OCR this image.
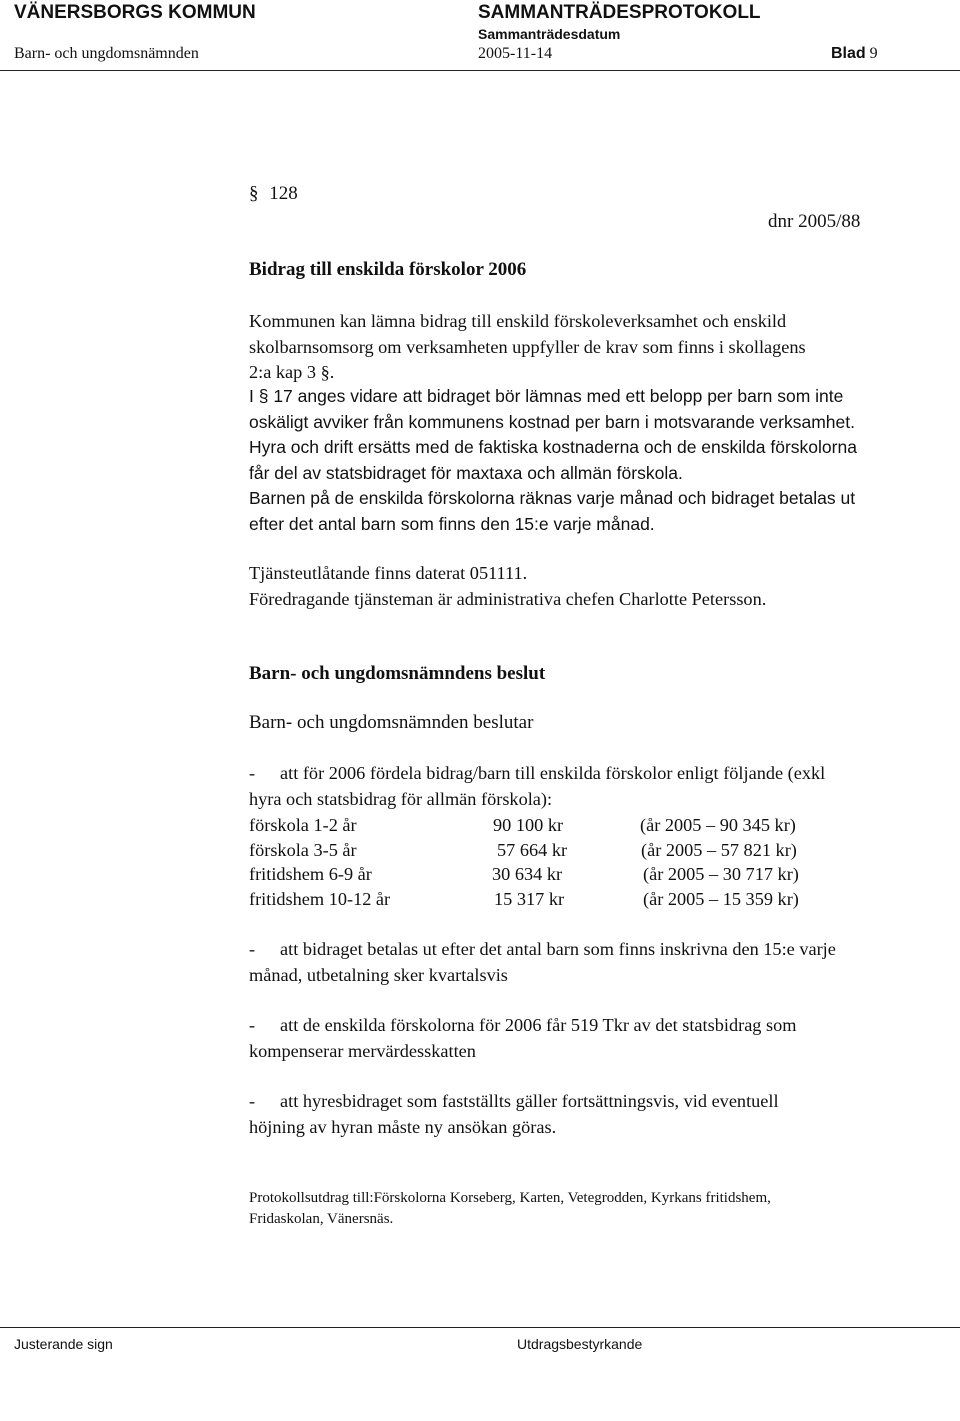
VÄNERSBORGS KOMMUN	SAMMANTRÄDESPROTOKOLL
Sammanträdesdatum
Barn- och ungdomsnämnden	2005-11-14	Blad 9
§ 128
dnr 2005/88
Bidrag till enskilda förskolor 2006
Kommunen kan lämna bidrag till enskild förskoleverksamhet och enskild
skolbarnsomsorg om verksamheten uppfyller de krav som finns i skollagens
2:a kap 3 §.
I § 17 anges vidare att bidraget bör lämnas med ett belopp per barn som inte
oskäligt avviker från kommunens kostnad per barn i motsvarande verksamhet.
Hyra och drift ersätts med de faktiska kostnaderna och de enskilda förskolorna
får del av statsbidraget för maxtaxa och allmän förskola.
Barnen på de enskilda förskolorna räknas varje månad och bidraget betalas ut
efter det antal barn som finns den 15:e varje månad.
Tjänsteutlåtande finns daterat 051111.
Föredragande tjänsteman är administrativa chefen Charlotte Petersson.
Barn- och ungdomsnämndens beslut
Barn- och ungdomsnämnden beslutar
- att för 2006 fördela bidrag/barn till enskilda förskolor enligt följande (exkl
hyra och statsbidrag för allmän förskola):
förskola 1-2 år	90 100 kr	(år 2005 – 90 345 kr)
förskola 3-5 år	57 664 kr	(år 2005 – 57 821 kr)
fritidshem 6-9 år	30 634 kr	(år 2005 – 30 717 kr)
fritidshem 10-12 år	15 317 kr	(år 2005 – 15 359 kr)
- att bidraget betalas ut efter det antal barn som finns inskrivna den 15:e varje
månad, utbetalning sker kvartalsvis
- att de enskilda förskolorna för 2006 får 519 Tkr av det statsbidrag som
kompenserar mervärdesskatten
- att hyresbidraget som fastställts gäller fortsättningsvis, vid eventuell
höjning av hyran måste ny ansökan göras.
Protokollsutdrag till:Förskolorna Korseberg, Karten, Vetegrodden, Kyrkans fritidshem,
Fridaskolan, Vänersnäs.
Justerande sign	Utdragsbestyrkande
